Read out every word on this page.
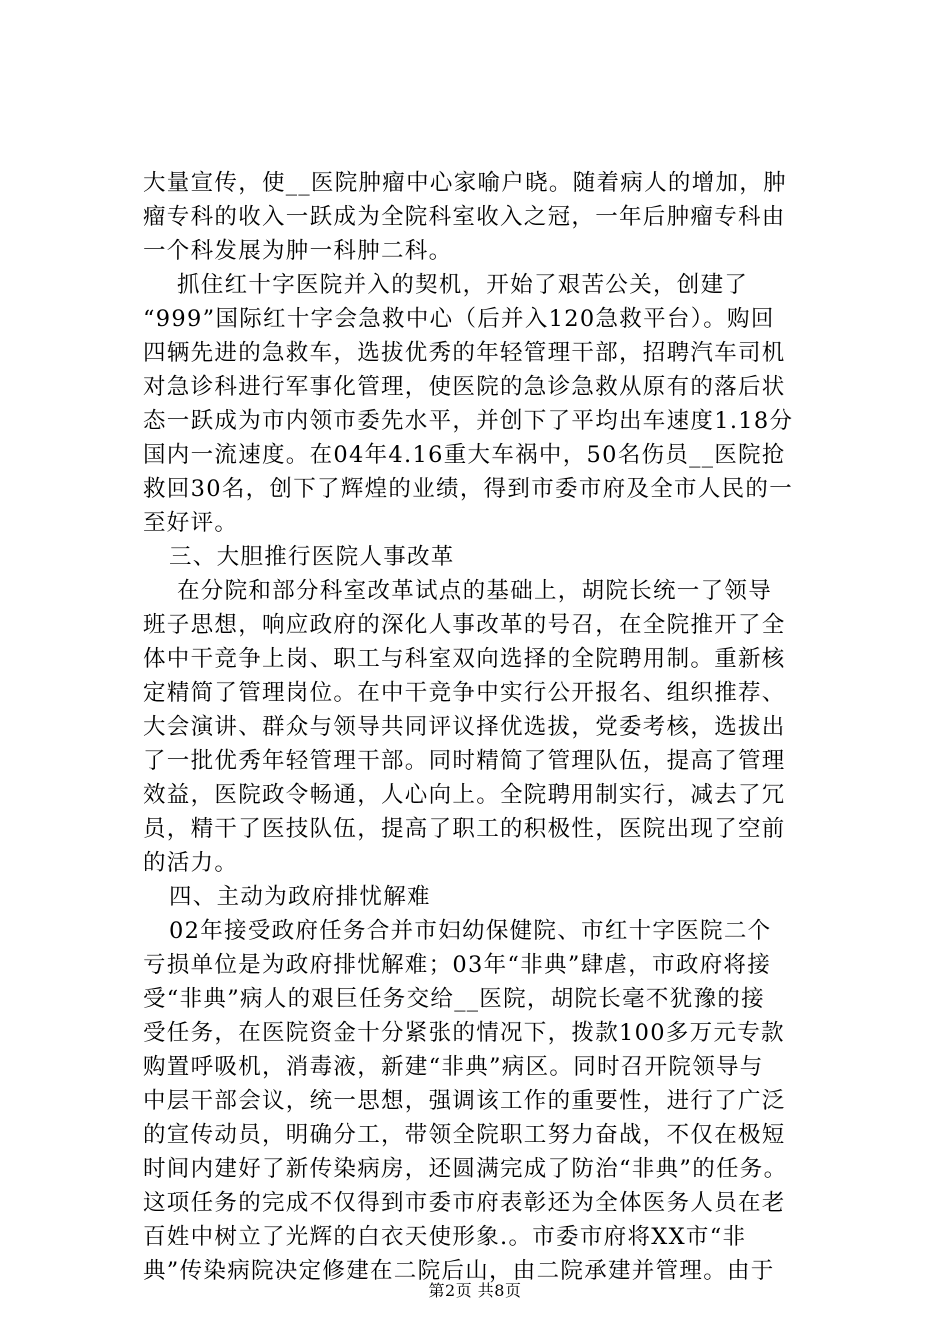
大量宣传，使__医院肿瘤中心家喻户晓。随着病人的增加，肿
瘤专科的收入一跃成为全院科室收入之冠，一年后肿瘤专科由
一个科发展为肿一科肿二科。
抓住红十字医院并入的契机，开始了艰苦公关，创建了
“999”国际红十字会急救中心（后并入120急救平台）。购回
四辆先进的急救车，选拔优秀的年轻管理干部，招聘汽车司机
对急诊科进行军事化管理，使医院的急诊急救从原有的落后状
态一跃成为市内领市委先水平，并创下了平均出车速度1.18分
国内一流速度。在04年4.16重大车祸中，50名伤员__医院抢
救回30名，创下了辉煌的业绩，得到市委市府及全市人民的一
至好评。
三、大胆推行医院人事改革
在分院和部分科室改革试点的基础上，胡院长统一了领导
班子思想，响应政府的深化人事改革的号召，在全院推开了全
体中干竞争上岗、职工与科室双向选择的全院聘用制。重新核
定精简了管理岗位。在中干竞争中实行公开报名、组织推荐、
大会演讲、群众与领导共同评议择优选拔，党委考核，选拔出
了一批优秀年轻管理干部。同时精简了管理队伍，提高了管理
效益，医院政令畅通，人心向上。全院聘用制实行，减去了冗
员，精干了医技队伍，提高了职工的积极性，医院出现了空前
的活力。
四、主动为政府排忧解难
02年接受政府任务合并市妇幼保健院、市红十字医院二个
亏损单位是为政府排忧解难；03年“非典”肆虐，市政府将接
受“非典”病人的艰巨任务交给__医院，胡院长毫不犹豫的接
受任务，在医院资金十分紧张的情况下，拨款100多万元专款
购置呼吸机，消毒液，新建“非典”病区。同时召开院领导与
中层干部会议，统一思想，强调该工作的重要性，进行了广泛
的宣传动员，明确分工，带领全院职工努力奋战，不仅在极短
时间内建好了新传染病房，还圆满完成了防治“非典”的任务。
这项任务的完成不仅得到市委市府表彰还为全体医务人员在老
百姓中树立了光辉的白衣天使形象.。市委市府将XX市“非
典”传染病院决定修建在二院后山，由二院承建并管理。由于
第2页 共8页
